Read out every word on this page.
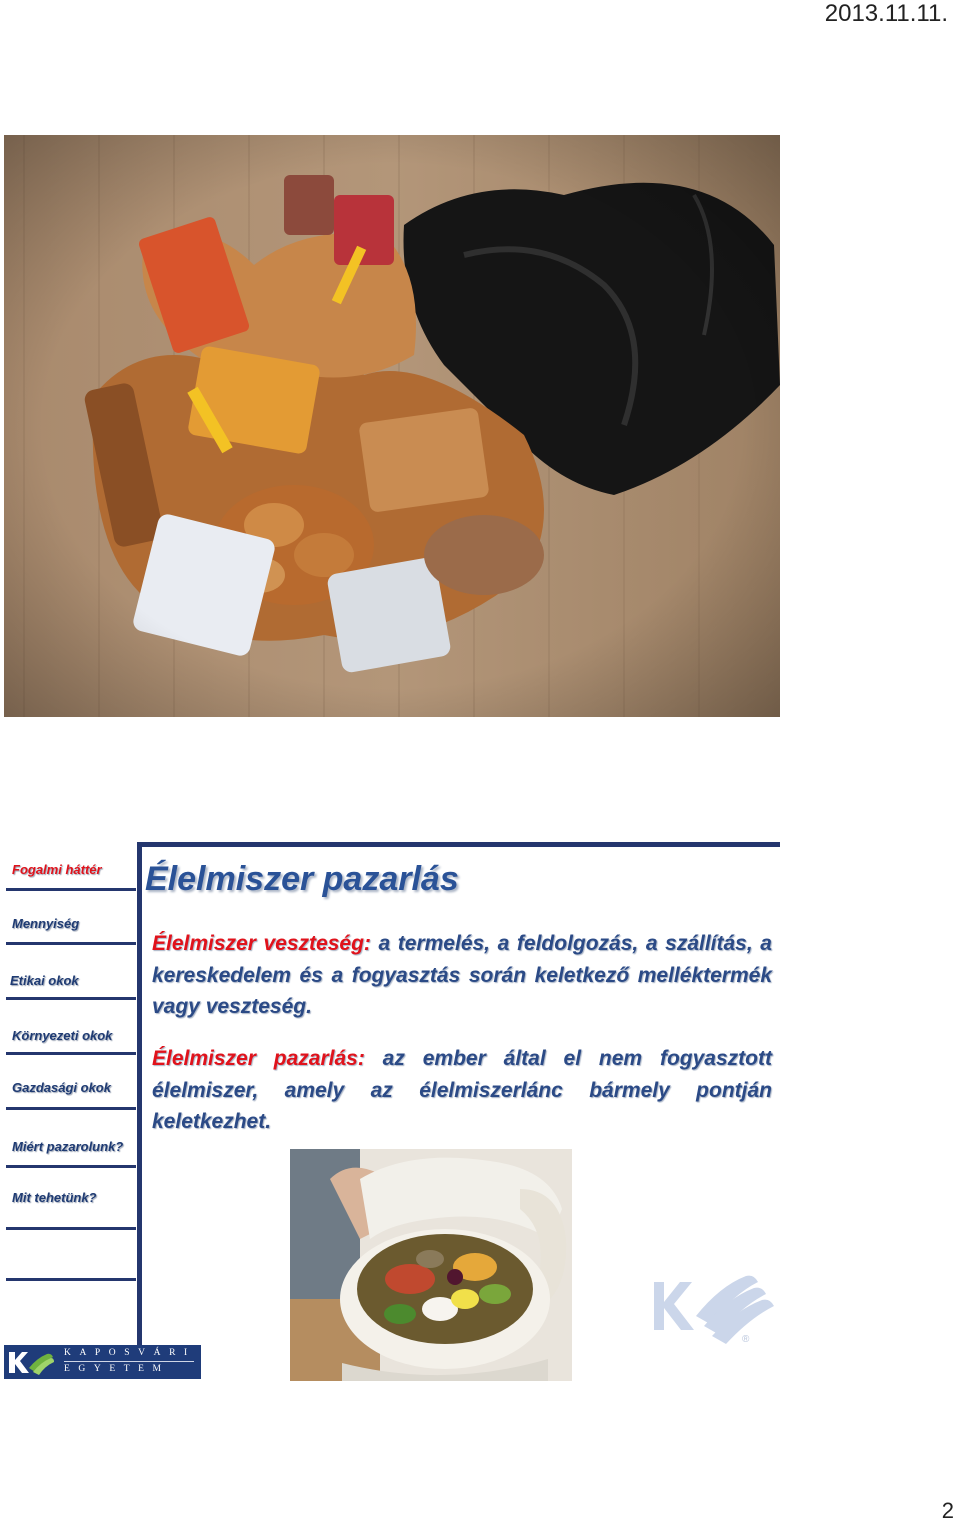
2013.11.11.
Fogalmi háttér
Mennyiség
Etikai okok
Környezeti okok
Gazdasági okok
Miért pazarolunk?
Mit tehetünk?
Élelmiszer pazarlás
Élelmiszer veszteség: a termelés, a feldolgozás, a szállítás, a kereskedelem és a fogyasztás során keletkező melléktermék vagy veszteség.
Élelmiszer pazarlás: az ember által el nem fogyasztott élelmiszer, amely az élelmiszerlánc bármely pontján keletkezhet.
®
KAPOSVÁRI
EGYETEM
2
